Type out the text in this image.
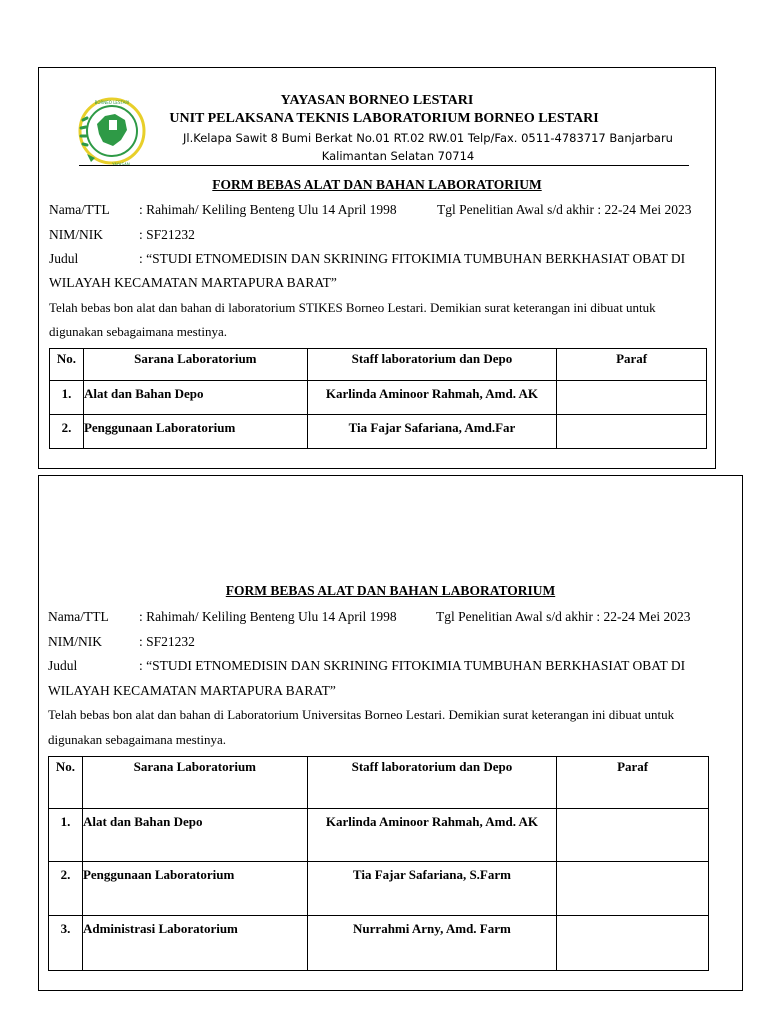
BORNEO LESTARI
YAYASAN
YAYASAN BORNEO LESTARI
UNIT PELAKSANA TEKNIS LABORATORIUM BORNEO LESTARI
Jl.Kelapa Sawit 8 Bumi Berkat No.01 RT.02 RW.01 Telp/Fax. 0511-4783717 Banjarbaru
Kalimantan Selatan 70714
FORM BEBAS ALAT DAN BAHAN LABORATORIUM
Nama/TTL : Rahimah/ Keliling Benteng Ulu 14 April 1998	Tgl Penelitian Awal s/d akhir : 22-24 Mei 2023
NIM/NIK	: SF21232
Judul	: “STUDI ETNOMEDISIN DAN SKRINING FITOKIMIA TUMBUHAN BERKHASIAT OBAT DI
WILAYAH KECAMATAN MARTAPURA BARAT”
Telah bebas bon alat dan bahan di laboratorium STIKES Borneo Lestari. Demikian surat keterangan ini dibuat untuk
digunakan sebagaimana mestinya.
No.	Sarana Laboratorium	Staff laboratorium dan Depo	Paraf
1.	Alat dan Bahan Depo	Karlinda Aminoor Rahmah, Amd. AK	
2.	Penggunaan Laboratorium	Tia Fajar Safariana, Amd.Far	
FORM BEBAS ALAT DAN BAHAN LABORATORIUM
Nama/TTL : Rahimah/ Keliling Benteng Ulu 14 April 1998	Tgl Penelitian Awal s/d akhir : 22-24 Mei 2023
NIM/NIK	: SF21232
Judul	: “STUDI ETNOMEDISIN DAN SKRINING FITOKIMIA TUMBUHAN BERKHASIAT OBAT DI
WILAYAH KECAMATAN MARTAPURA BARAT”
Telah bebas bon alat dan bahan di Laboratorium Universitas Borneo Lestari. Demikian surat keterangan ini dibuat untuk
digunakan sebagaimana mestinya.
No.	Sarana Laboratorium	Staff laboratorium dan Depo	Paraf
1.	Alat dan Bahan Depo	Karlinda Aminoor Rahmah, Amd. AK	
2.	Penggunaan Laboratorium	Tia Fajar Safariana, S.Farm	
3.	Administrasi Laboratorium	Nurrahmi Arny, Amd. Farm	
